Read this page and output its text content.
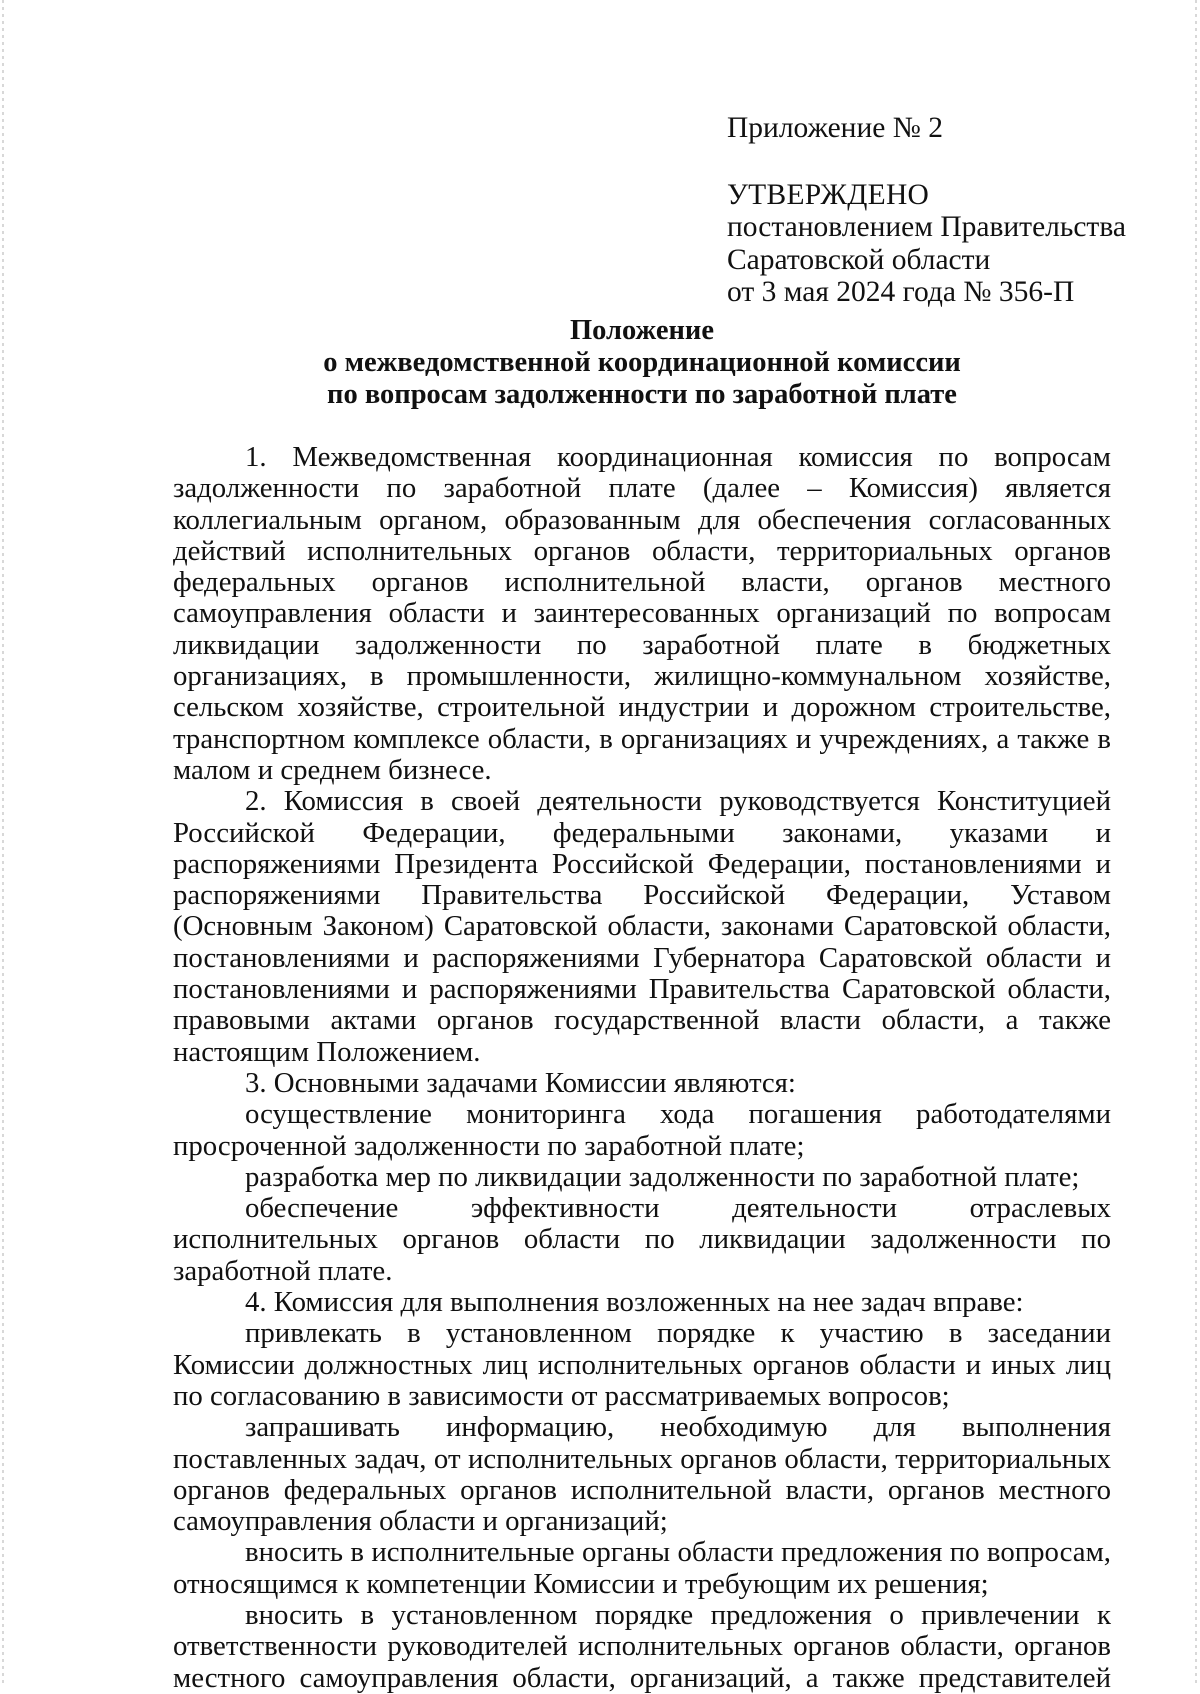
Приложение № 2
УТВЕРЖДЕНО
постановлением Правительства
Саратовской области
от 3 мая 2024 года № 356-П
Положение
о межведомственной координационной комиссии
по вопросам задолженности по заработной плате

1. Межведомственная координационная комиссия по вопросам задолженности по заработной плате (далее – Комиссия) является коллегиальным органом, образованным для обеспечения согласованных действий исполнительных органов области, территориальных органов федеральных органов исполнительной власти, органов местного самоуправления области и заинтересованных организаций по вопросам ликвидации задолженности по заработной плате в бюджетных организациях, в промышленности, жилищно-коммунальном хозяйстве, сельском хозяйстве, строительной индустрии и дорожном строительстве, транспортном комплексе области, в организациях и учреждениях, а также в малом и среднем бизнесе.

2. Комиссия в своей деятельности руководствуется Конституцией Российской Федерации, федеральными законами, указами и распоряжениями Президента Российской Федерации, постановлениями и распоряжениями Правительства Российской Федерации, Уставом (Основным Законом) Саратовской области, законами Саратовской области, постановлениями и распоряжениями Губернатора Саратовской области и постановлениями и распоряжениями Правительства Саратовской области, правовыми актами органов государственной власти области, а также настоящим Положением.

3. Основными задачами Комиссии являются:

осуществление мониторинга хода погашения работодателями просроченной задолженности по заработной плате;

разработка мер по ликвидации задолженности по заработной плате;

обеспечение эффективности деятельности отраслевых исполнительных органов области по ликвидации задолженности по заработной плате.

4. Комиссия для выполнения возложенных на нее задач вправе:

привлекать в установленном порядке к участию в заседании Комиссии должностных лиц исполнительных органов области и иных лиц по согласованию в зависимости от рассматриваемых вопросов;

запрашивать информацию, необходимую для выполнения поставленных задач, от исполнительных органов области, территориальных органов федеральных органов исполнительной власти, органов местного самоуправления области и организаций;

вносить в исполнительные органы области предложения по вопросам, относящимся к компетенции Комиссии и требующим их решения;

вносить в установленном порядке предложения о привлечении к ответственности руководителей исполнительных органов области, органов местного самоуправления области, организаций, а также представителей
